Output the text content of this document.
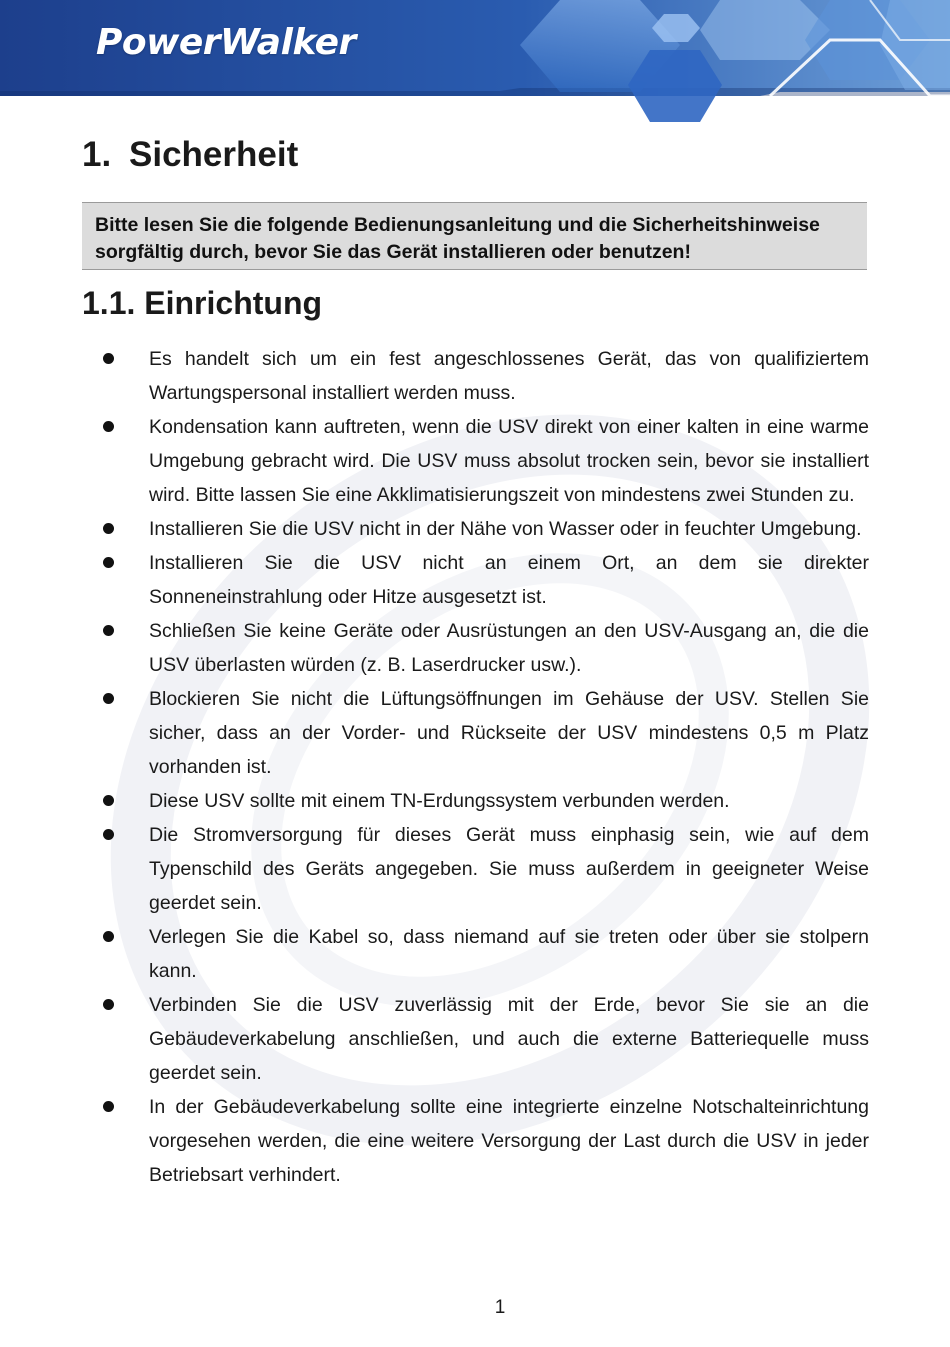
PowerWalker
1. Sicherheit
Bitte lesen Sie die folgende Bedienungsanleitung und die Sicherheitshinweise sorgfältig durch, bevor Sie das Gerät installieren oder benutzen!
1.1. Einrichtung
Es handelt sich um ein fest angeschlossenes Gerät, das von qualifiziertem Wartungspersonal installiert werden muss.
Kondensation kann auftreten, wenn die USV direkt von einer kalten in eine warme Umgebung gebracht wird. Die USV muss absolut trocken sein, bevor sie installiert wird. Bitte lassen Sie eine Akklimatisierungszeit von mindestens zwei Stunden zu.
Installieren Sie die USV nicht in der Nähe von Wasser oder in feuchter Umgebung.
Installieren Sie die USV nicht an einem Ort, an dem sie direkter Sonneneinstrahlung oder Hitze ausgesetzt ist.
Schließen Sie keine Geräte oder Ausrüstungen an den USV-Ausgang an, die die USV überlasten würden (z. B. Laserdrucker usw.).
Blockieren Sie nicht die Lüftungsöffnungen im Gehäuse der USV. Stellen Sie sicher, dass an der Vorder- und Rückseite der USV mindestens 0,5 m Platz vorhanden ist.
Diese USV sollte mit einem TN-Erdungssystem verbunden werden.
Die Stromversorgung für dieses Gerät muss einphasig sein, wie auf dem Typenschild des Geräts angegeben. Sie muss außerdem in geeigneter Weise geerdet sein.
Verlegen Sie die Kabel so, dass niemand auf sie treten oder über sie stolpern kann.
Verbinden Sie die USV zuverlässig mit der Erde, bevor Sie sie an die Gebäudeverkabelung anschließen, und auch die externe Batteriequelle muss geerdet sein.
In der Gebäudeverkabelung sollte eine integrierte einzelne Notschalteinrichtung vorgesehen werden, die eine weitere Versorgung der Last durch die USV in jeder Betriebsart verhindert.
1
